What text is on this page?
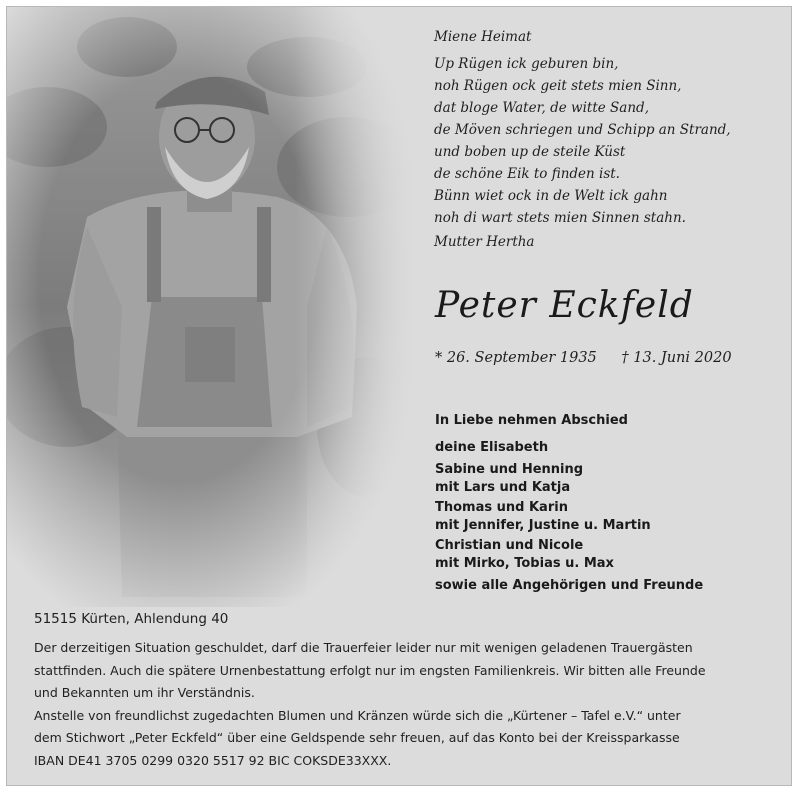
Miene Heimat
Up Rügen ick geburen bin,
noh Rügen ock geit stets mien Sinn,
dat bloge Water, de witte Sand,
de Möven schriegen und Schipp an Strand,
und boben up de steile Küst
de schöne Eik to finden ist.
Bünn wiet ock in de Welt ick gahn
noh di wart stets mien Sinnen stahn.
Mutter Hertha
Peter Eckfeld
* 26. September 1935 † 13. Juni 2020
In Liebe nehmen Abschied
deine Elisabeth
Sabine und Henning
mit Lars und Katja
Thomas und Karin
mit Jennifer, Justine u. Martin
Christian und Nicole
mit Mirko, Tobias u. Max
sowie alle Angehörigen und Freunde
51515 Kürten, Ahlendung 40
Der derzeitigen Situation geschuldet, darf die Trauerfeier leider nur mit wenigen geladenen Trauergästen
stattfinden. Auch die spätere Urnenbestattung erfolgt nur im engsten Familienkreis. Wir bitten alle Freunde
und Bekannten um ihr Verständnis.
Anstelle von freundlichst zugedachten Blumen und Kränzen würde sich die „Kürtener – Tafel e.V.“ unter
dem Stichwort „Peter Eckfeld“ über eine Geldspende sehr freuen, auf das Konto bei der Kreissparkasse
IBAN DE41 3705 0299 0320 5517 92 BIC COKSDE33XXX.
